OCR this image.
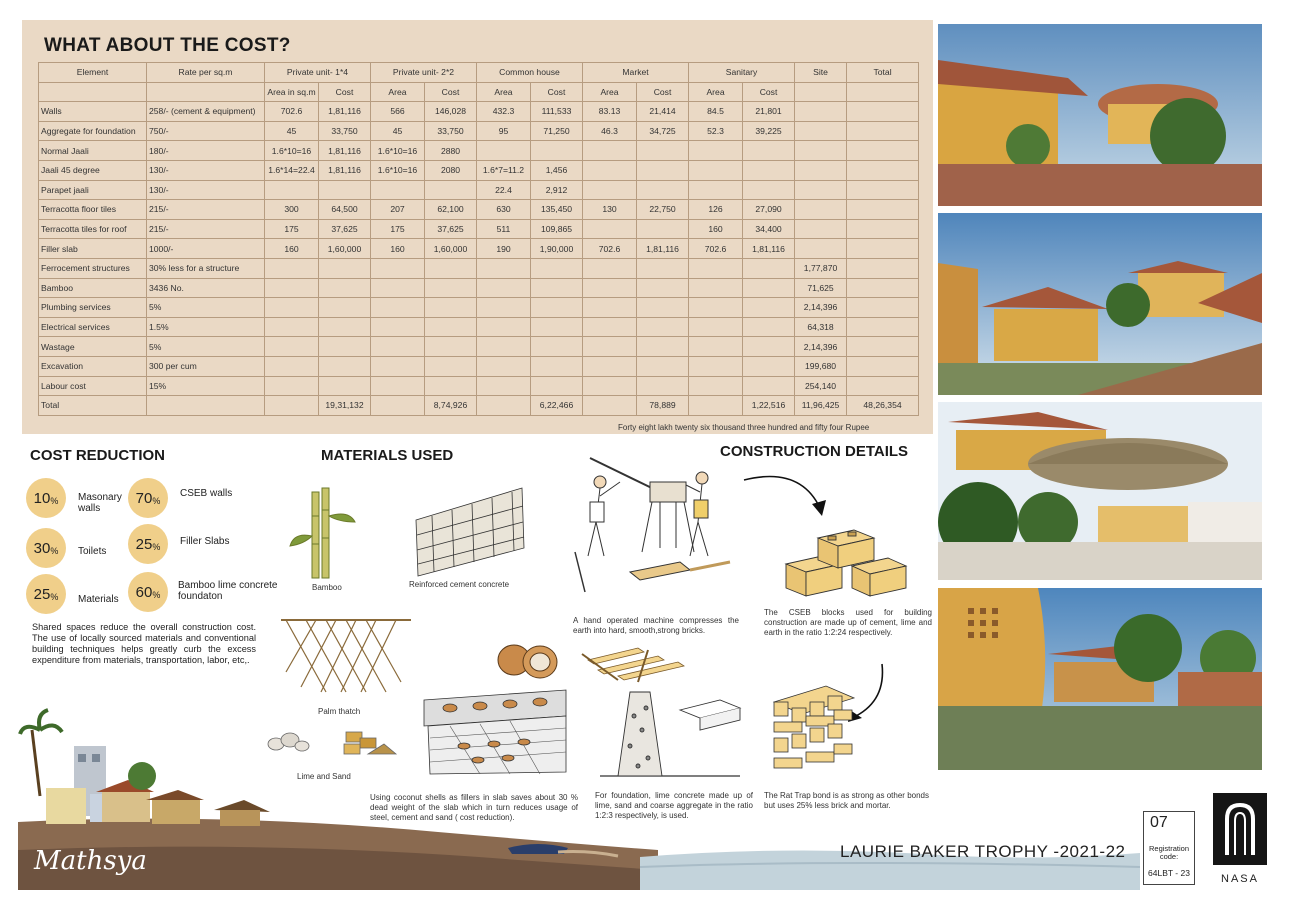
WHAT ABOUT THE COST?
Element	Rate per sq.m	Private unit- 1*4		Private unit- 2*2		Common house		Market		Sanitary		Site	Total
		Area in sq.m	Cost	Area	Cost	Area	Cost	Area	Cost	Area	Cost		
Walls	258/- (cement & equipment)	702.6	1,81,116	566	146,028	432.3	111,533	83.13	21,414	84.5	21,801		
Aggregate for foundation	750/-	45	33,750	45	33,750	95	71,250	46.3	34,725	52.3	39,225		
Normal Jaali	180/-	1.6*10=16	1,81,116	1.6*10=16	2880								
Jaali 45 degree	130/-	1.6*14=22.4	1,81,116	1.6*10=16	2080	1.6*7=11.2	1,456						
Parapet jaali	130/-					22.4	2,912						
Terracotta floor tiles	215/-	300	64,500	207	62,100	630	135,450	130	22,750	126	27,090		
Terracotta tiles for roof	215/-	175	37,625	175	37,625	511	109,865			160	34,400		
Filler slab	1000/-	160	1,60,000	160	1,60,000	190	1,90,000	702.6	1,81,116	702.6	1,81,116		
Ferrocement structures	30% less for a structure											1,77,870	
Bamboo	3436 No.											71,625	
Plumbing services	5%											2,14,396	
Electrical services	1.5%											64,318	
Wastage	5%											2,14,396	
Excavation	300 per cum											199,680	
Labour cost	15%											254,140	
Total			19,31,132		8,74,926		6,22,466		78,889		1,22,516	11,96,425	48,26,354
Forty eight lakh twenty six thousand three hundred and fifty four Rupee
COST REDUCTION
10 % Masonary walls
70 %
CSEB walls
30 % Toilets 25 % Filler Slabs
25 % Materials 60 %
Bamboo lime concrete foundaton
Shared spaces reduce the overall construction cost. The use of locally sourced materials and conventional building techniques helps greatly curb the excess expenditure from materials, transportation, labor, etc,.
MATERIALS USED
Bamboo	Reinforced cement concrete
Palm thatch
Lime and Sand
Using coconut shells as fillers in slab saves about 30 % dead weight of the slab which in turn reduces usage of steel, cement and sand ( cost reduction).
CONSTRUCTION DETAILS
A hand operated machine compresses the earth into hard, smooth,strong bricks.
The CSEB blocks used for building construction are made up of cement, lime and earth in the ratio 1:2:24 respectively.
For foundation, lime concrete made up of lime, sand and coarse aggregate in the ratio 1:2:3 respectively, is used.
The Rat Trap bond is as strong as other bonds but uses 25% less brick and mortar.
Mathsya	LAURIE BAKER TROPHY -2021-22
07
Registration code:
64LBT - 23	NASA
